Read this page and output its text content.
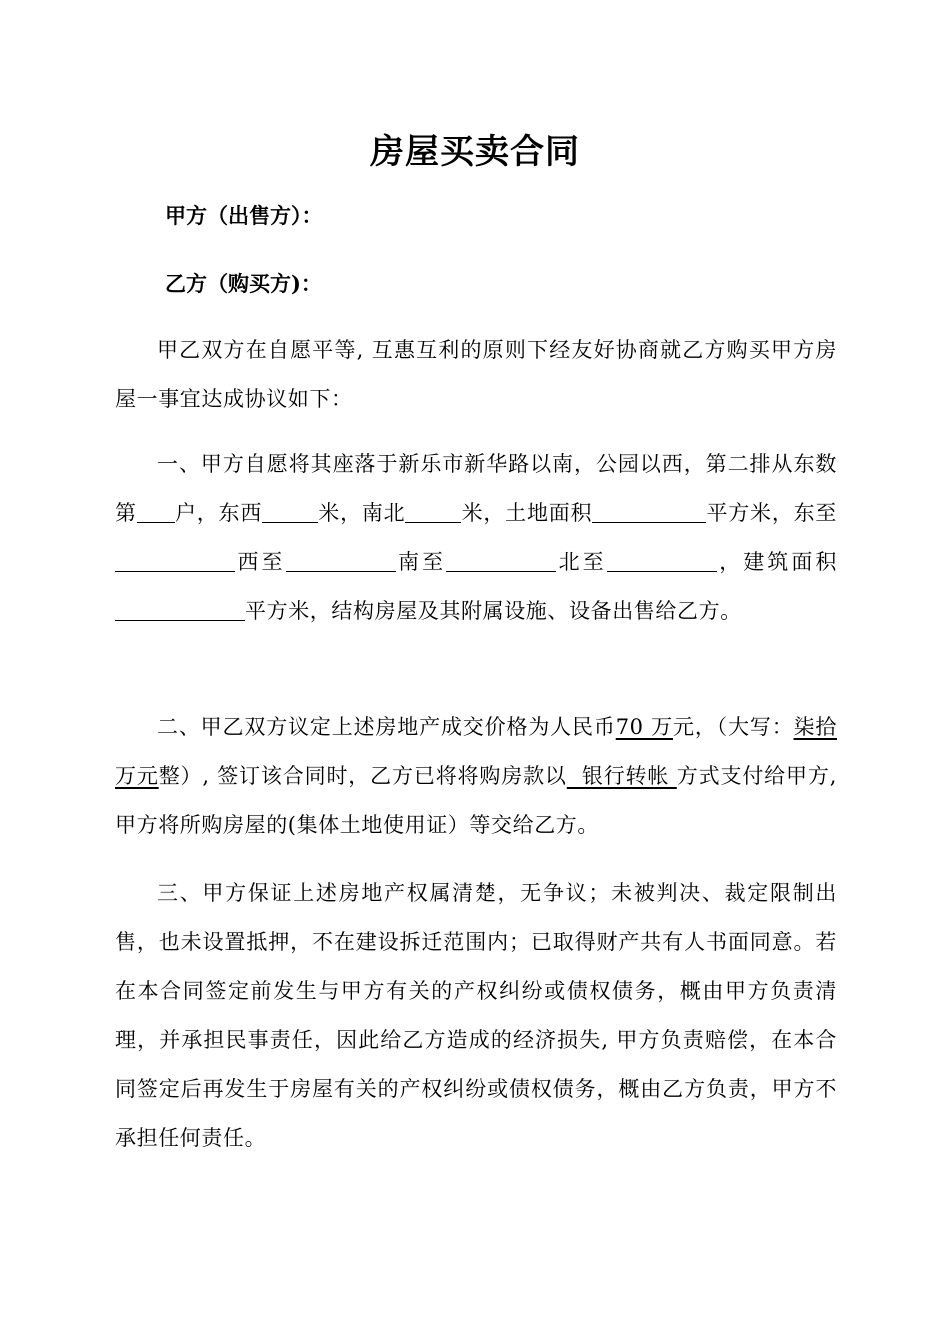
房屋买卖合同
甲方（出售方）：
乙方（购买方)：
甲乙双方在自愿平等, 互惠互利的原则下经友好协商就乙方购买甲方房屋一事宜达成协议如下：
一、甲方自愿将其座落于新乐市新华路以南，公园以西，第二排从东数第 户，东西	米，南北	米，土地面积	平方米，东至西至	南至	北至	，建筑面积平方米，结构房屋及其附属设施、设备出售给乙方。
二、甲乙双方议定上述房地产成交价格为人民币70 万元，（大写：柒拾万元整）, 签订该合同时，乙方已将将购房款以  银行转帐 方式支付给甲方, 甲方将所购房屋的(集体土地使用证）等交给乙方。
三、甲方保证上述房地产权属清楚，无争议；未被判决、裁定限制出售，也未设置抵押，不在建设拆迁范围内；已取得财产共有人书面同意。若在本合同签定前发生与甲方有关的产权纠纷或债权债务，概由甲方负责清理，并承担民事责任，因此给乙方造成的经济损失, 甲方负责赔偿，在本合同签定后再发生于房屋有关的产权纠纷或债权债务，概由乙方负责，甲方不承担任何责任。
